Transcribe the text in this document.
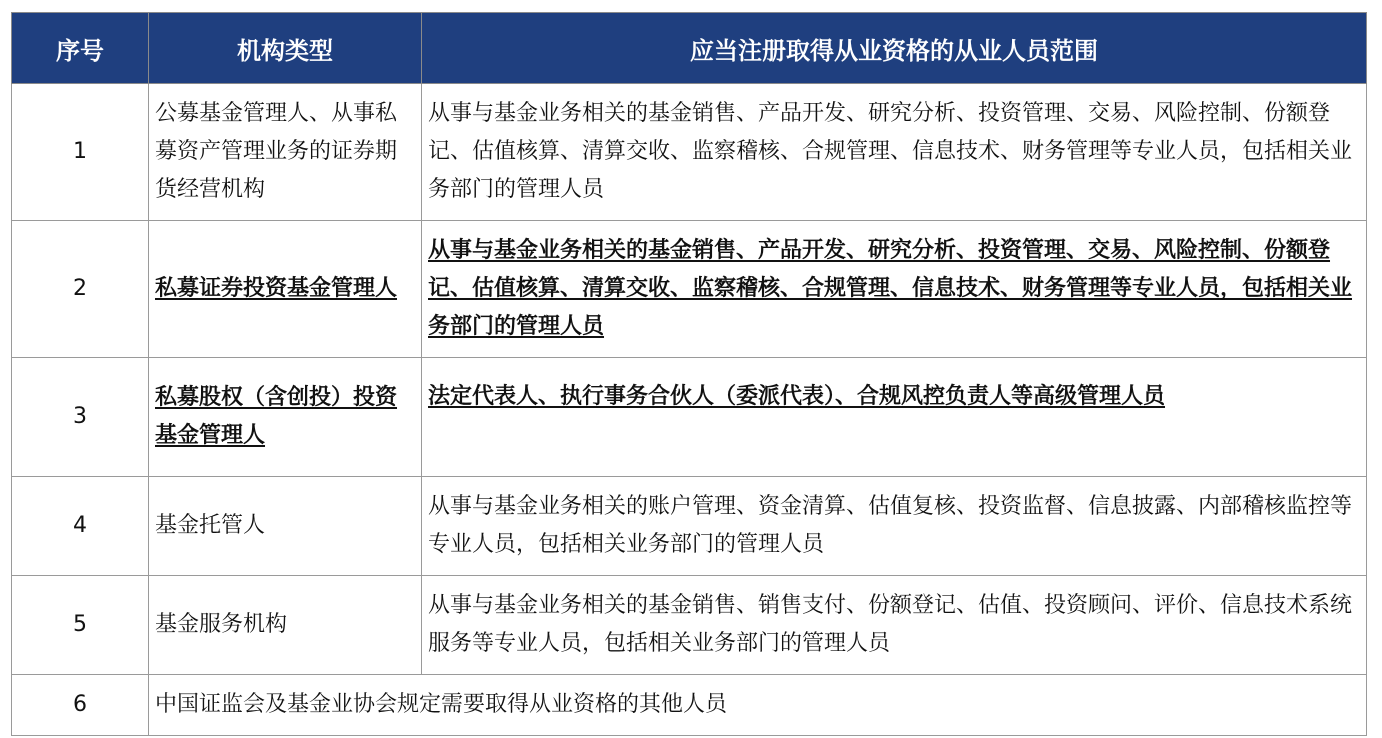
序号	机构类型	应当注册取得从业资格的从业人员范围
1	公募基金管理人、从事私募资产管理业务的证券期货经营机构	从事与基金业务相关的基金销售、产品开发、研究分析、投资管理、交易、风险控制、份额登记、估值核算、清算交收、监察稽核、合规管理、信息技术、财务管理等专业人员，包括相关业务部门的管理人员
2	私募证券投资基金管理人	从事与基金业务相关的基金销售、产品开发、研究分析、投资管理、交易、风险控制、份额登记、估值核算、清算交收、监察稽核、合规管理、信息技术、财务管理等专业人员，包括相关业务部门的管理人员
3	私募股权（含创投）投资基金管理人	法定代表人、执行事务合伙人（委派代表）、合规风控负责人等高级管理人员
4	基金托管人	从事与基金业务相关的账户管理、资金清算、估值复核、投资监督、信息披露、内部稽核监控等专业人员，包括相关业务部门的管理人员
5	基金服务机构	从事与基金业务相关的基金销售、销售支付、份额登记、估值、投资顾问、评价、信息技术系统服务等专业人员，包括相关业务部门的管理人员
6	中国证监会及基金业协会规定需要取得从业资格的其他人员	
